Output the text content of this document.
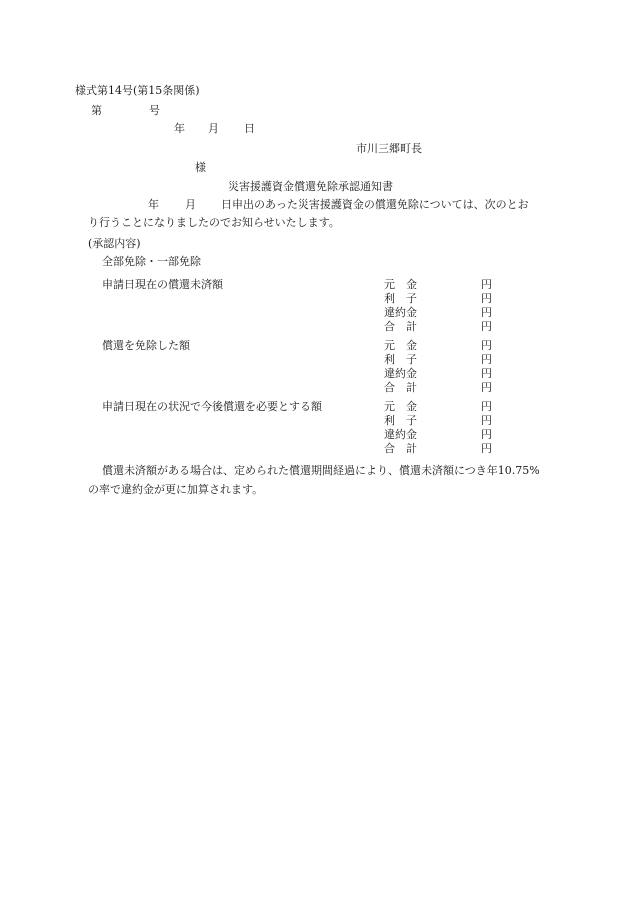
様式第14号(第15条関係)
第	号
年 月 日
市川三郷町長
様
災害援護資金償還免除承認通知書
年 月 日申出のあった災害援護資金の償還免除については、次のとお
り行うことになりましたのでお知らせいたします。
(承認内容)
全部免除・一部免除
申請日現在の償還未済額	元　金	円
利　子	円
違約金	円
合　計	円
償還を免除した額	元　金	円
利　子	円
違約金	円
合　計	円
申請日現在の状況で今後償還を必要とする額	元　金	円
利　子	円
違約金	円
合　計	円
償還未済額がある場合は、定められた償還期間経過により、償還未済額につき年10.75%
の率で違約金が更に加算されます。
